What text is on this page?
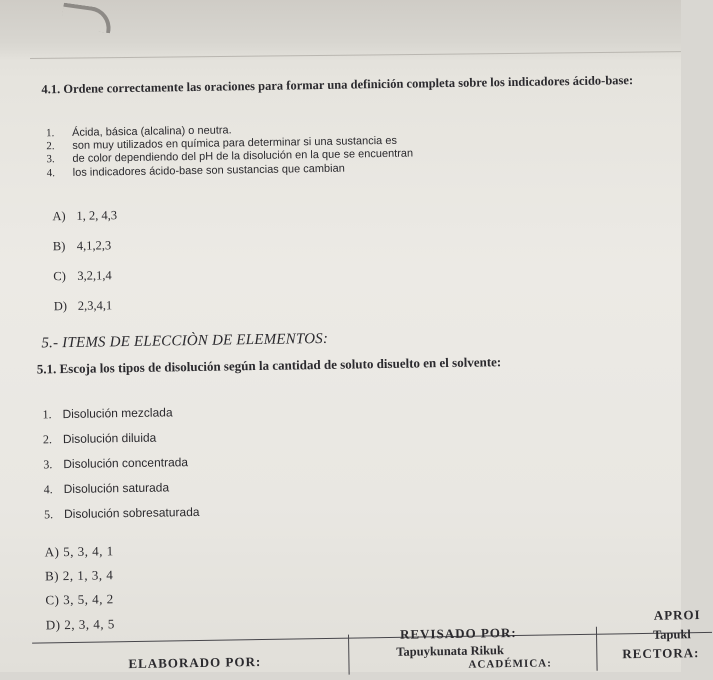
4.1. Ordene correctamente las oraciones para formar una definición completa sobre los indicadores ácido-base:
1. Ácida, básica (alcalina) o neutra.
2. son muy utilizados en química para determinar si una sustancia es
3. de color dependiendo del pH de la disolución en la que se encuentran
4. los indicadores ácido-base son sustancias que cambian
A) 1, 2, 4,3
B) 4,1,2,3
C) 3,2,1,4
D) 2,3,4,1
5.- ITEMS DE ELECCIÒN DE ELEMENTOS:
5.1. Escoja los tipos de disolución según la cantidad de soluto disuelto en el solvente:
1. Disolución mezclada
2. Disolución diluida
3. Disolución concentrada
4. Disolución saturada
5. Disolución sobresaturada
A) 5, 3, 4, 1
B) 2, 1, 3, 4
C) 3, 5, 4, 2
D) 2, 3, 4, 5
ELABORADO POR:
REVISADO POR:
Tapuykunata Rikuk
ACADÉMICA:
APROI
Tapukl
RECTORA:
